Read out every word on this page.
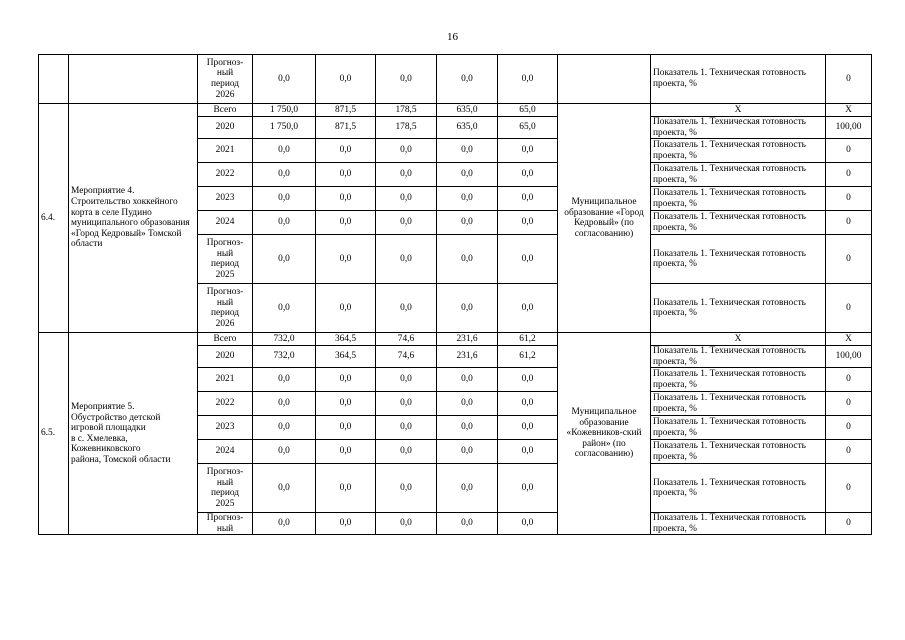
16
		Прогноз-
ный
период
2026	0,0	0,0	0,0	0,0	0,0		Показатель 1. Техническая готовность проекта, %	0
6.4.	Мероприятие 4.
Строительство хоккейного корта в селе Пудино муниципального образования «Город Кедровый» Томской области	Всего	1 750,0	871,5	178,5	635,0	65,0	Муниципальное образование «Город Кедровый» (по согласованию)	Х	Х
		2020	1 750,0	871,5	178,5	635,0	65,0		Показатель 1. Техническая готовность проекта, %	100,00
		2021	0,0	0,0	0,0	0,0	0,0		Показатель 1. Техническая готовность проекта, %	0
		2022	0,0	0,0	0,0	0,0	0,0		Показатель 1. Техническая готовность проекта, %	0
		2023	0,0	0,0	0,0	0,0	0,0		Показатель 1. Техническая готовность проекта, %	0
		2024	0,0	0,0	0,0	0,0	0,0		Показатель 1. Техническая готовность проекта, %	0
		Прогноз-
ный
период
2025	0,0	0,0	0,0	0,0	0,0		Показатель 1. Техническая готовность проекта, %	0
		Прогноз-
ный
период
2026	0,0	0,0	0,0	0,0	0,0		Показатель 1. Техническая готовность проекта, %	0
6.5.	Мероприятие 5.
Обустройство детской игровой площадки
в с. Хмелевка,
Кожевниковского
района, Томской области	Всего	732,0	364,5	74,6	231,6	61,2	Муниципальное образование «Кожевников-ский район» (по согласованию)	Х	Х
		2020	732,0	364,5	74,6	231,6	61,2		Показатель 1. Техническая готовность проекта, %	100,00
		2021	0,0	0,0	0,0	0,0	0,0		Показатель 1. Техническая готовность проекта, %	0
		2022	0,0	0,0	0,0	0,0	0,0		Показатель 1. Техническая готовность проекта, %	0
		2023	0,0	0,0	0,0	0,0	0,0		Показатель 1. Техническая готовность проекта, %	0
		2024	0,0	0,0	0,0	0,0	0,0		Показатель 1. Техническая готовность проекта, %	0
		Прогноз-
ный
период
2025	0,0	0,0	0,0	0,0	0,0		Показатель 1. Техническая готовность проекта, %	0
		Прогноз-
ный	0,0	0,0	0,0	0,0	0,0		Показатель 1. Техническая готовность проекта, %	0
